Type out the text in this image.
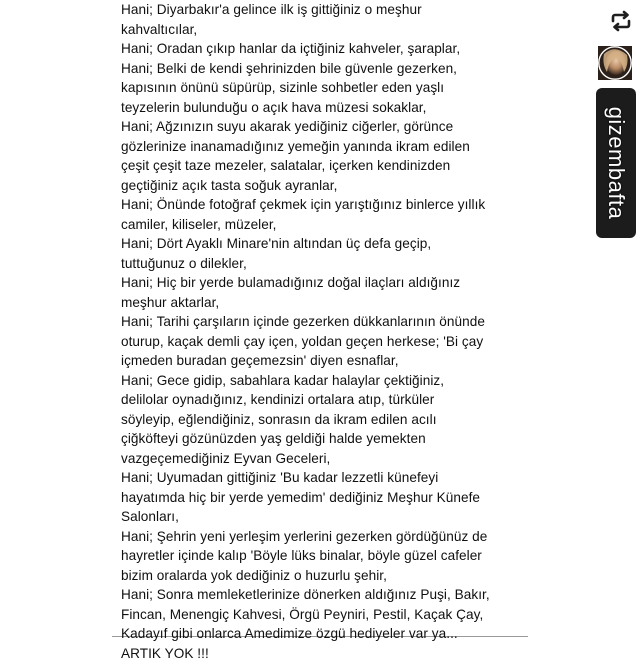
Hani; Diyarbakır'a gelince ilk iş gittiğiniz o meşhur
kahvaltıcılar,
Hani; Oradan çıkıp hanlar da içtiğiniz kahveler, şaraplar,
Hani; Belki de kendi şehrinizden bile güvenle gezerken,
kapısının önünü süpürüp, sizinle sohbetler eden yaşlı
teyzelerin bulunduğu o açık hava müzesi sokaklar,
Hani; Ağzınızın suyu akarak yediğiniz ciğerler, görünce
gözlerinize inanamadığınız yemeğin yanında ikram edilen
çeşit çeşit taze mezeler, salatalar, içerken kendinizden
geçtiğiniz açık tasta soğuk ayranlar,
Hani; Önünde fotoğraf çekmek için yarıştığınız binlerce yıllık
camiler, kiliseler, müzeler,
Hani; Dört Ayaklı Minare'nin altından üç defa geçip,
tuttuğunuz o dilekler,
Hani; Hiç bir yerde bulamadığınız doğal ilaçları aldığınız
meşhur aktarlar,
Hani; Tarihi çarşıların içinde gezerken dükkanlarının önünde
oturup, kaçak demli çay içen, yoldan geçen herkese; 'Bi çay
içmeden buradan geçemezsin' diyen esnaflar,
Hani; Gece gidip, sabahlara kadar halaylar çektiğiniz,
delilolar oynadığınız, kendinizi ortalara atıp, türküler
söyleyip, eğlendiğiniz, sonrasın da ikram edilen acılı
çiğköfteyi gözünüzden yaş geldiği halde yemekten
vazgeçemediğiniz Eyvan Geceleri,
Hani; Uyumadan gittiğiniz 'Bu kadar lezzetli künefeyi
hayatımda hiç bir yerde yemedim' dediğiniz Meşhur Künefe
Salonları,
Hani; Şehrin yeni yerleşim yerlerini gezerken gördüğünüz de
hayretler içinde kalıp 'Böyle lüks binalar, böyle güzel cafeler
bizim oralarda yok dediğiniz o huzurlu şehir,
Hani; Sonra memleketlerinize dönerken aldığınız Puşi, Bakır,
Fincan, Menengiç Kahvesi, Örgü Peyniri, Pestil, Kaçak Çay,
Kadayıf gibi onlarca Amedimize özgü hediyeler var ya...
ARTIK YOK !!!
gizembafta
